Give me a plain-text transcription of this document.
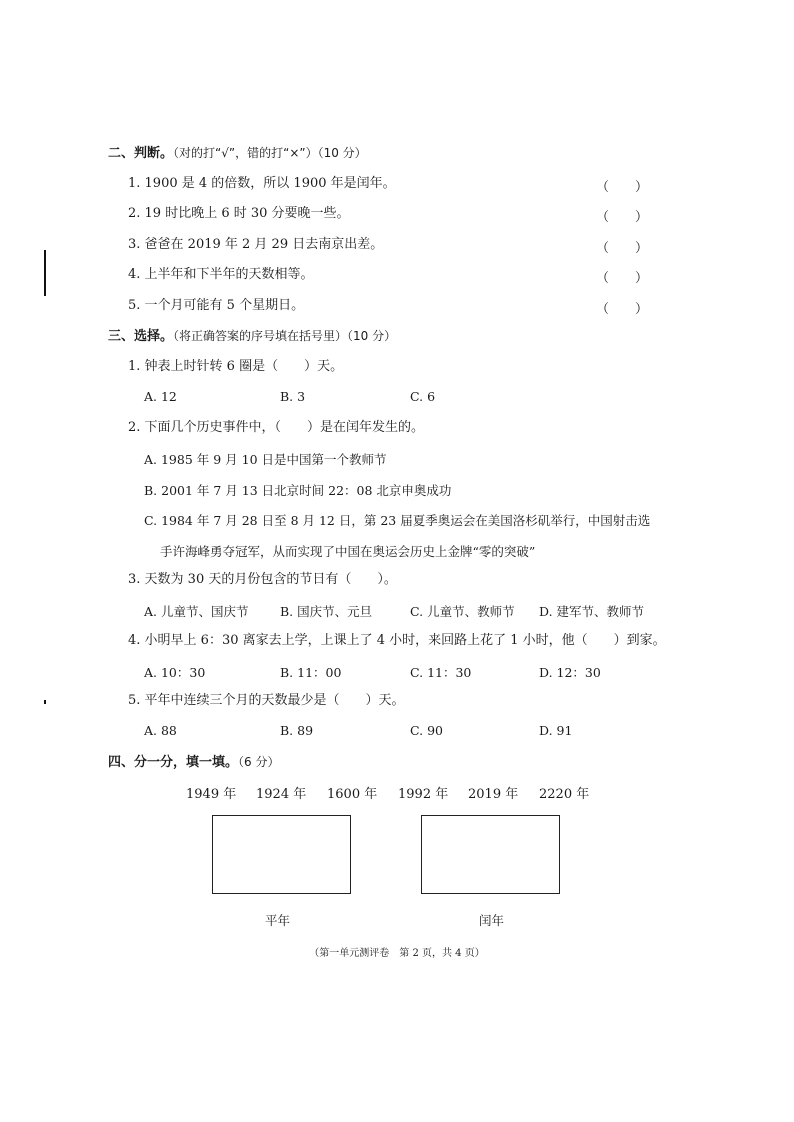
二、判断。（对的打“√”，错的打“×”）（10 分）
1. 1900 是 4 的倍数，所以 1900 年是闰年。	（　　）
2. 19 时比晚上 6 时 30 分要晚一些。	（　　）
3. 爸爸在 2019 年 2 月 29 日去南京出差。	（　　）
4. 上半年和下半年的天数相等。	（　　）
5. 一个月可能有 5 个星期日。	（　　）
三、选择。（将正确答案的序号填在括号里）（10 分）
1. 钟表上时针转 6 圈是（　　）天。
A. 12	B. 3	C. 6
2. 下面几个历史事件中，（　　）是在闰年发生的。
A. 1985 年 9 月 10 日是中国第一个教师节
B. 2001 年 7 月 13 日北京时间 22：08 北京申奥成功
C. 1984 年 7 月 28 日至 8 月 12 日，第 23 届夏季奥运会在美国洛杉矶举行，中国射击选
手许海峰勇夺冠军，从而实现了中国在奥运会历史上金牌“零的突破”
3. 天数为 30 天的月份包含的节日有（　　）。
A. 儿童节、国庆节	B. 国庆节、元旦	C. 儿童节、教师节 D. 建军节、教师节
4. 小明早上 6：30 离家去上学，上课上了 4 小时，来回路上花了 1 小时，他（　　）到家。
A. 10：30	B. 11：00	C. 11：30	D. 12：30
5. 平年中连续三个月的天数最少是（　　）天。
A. 88	B. 89	C. 90	D. 91
四、分一分，填一填。（6 分）
1949 年 1924 年 1600 年 1992 年 2019 年 2220 年
平年	闰年
（第一单元测评卷　第 2 页，共 4 页）
